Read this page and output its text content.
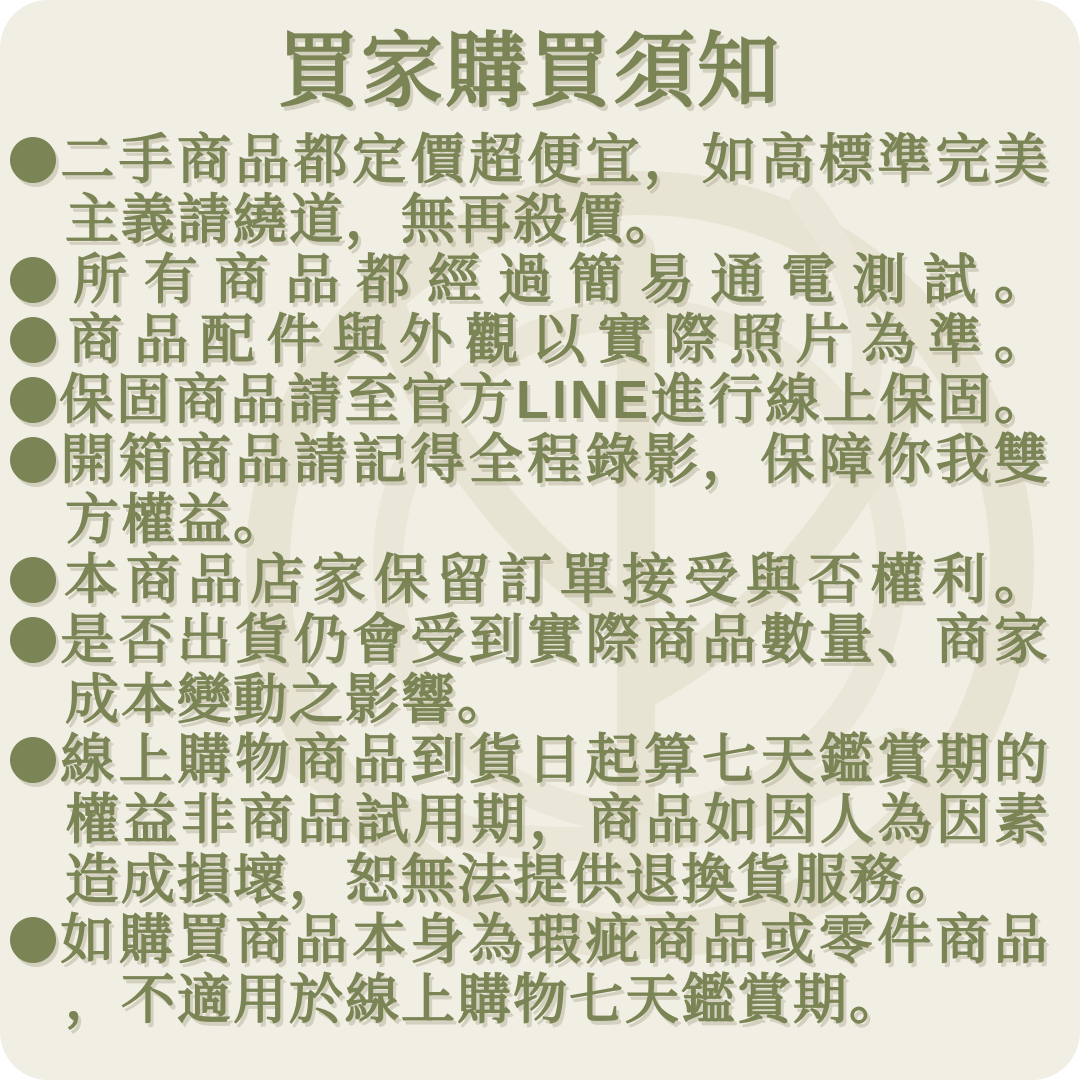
買家購買須知
二 手 商 品 都 定 價 超 便 宜 ， 如 高 標 準 完 美
主義請繞道，無再殺價。
所 有 商 品 都 經 過 簡 易 通 電 測 試 。
商 品 配 件 與 外 觀 以 實 際 照 片 為 準 。
保 固 商 品 請 至 官 方 L I N E 進 行 線 上 保 固 。
開 箱 商 品 請 記 得 全 程 錄 影 ， 保 障 你 我 雙
方權益。
本 商 品 店 家 保 留 訂 單 接 受 與 否 權 利 。
是 否 出 貨 仍 會 受 到 實 際 商 品 數 量 、 商 家
成本變動之影響。
線 上 購 物 商 品 到 貨 日 起 算 七 天 鑑 賞 期 的
權 益 非 商 品 試 用 期 ， 商 品 如 因 人 為 因 素
造成損壞，恕無法提供退換貨服務。
如 購 買 商 品 本 身 為 瑕 疵 商 品 或 零 件 商 品
，不適用於線上購物七天鑑賞期。
